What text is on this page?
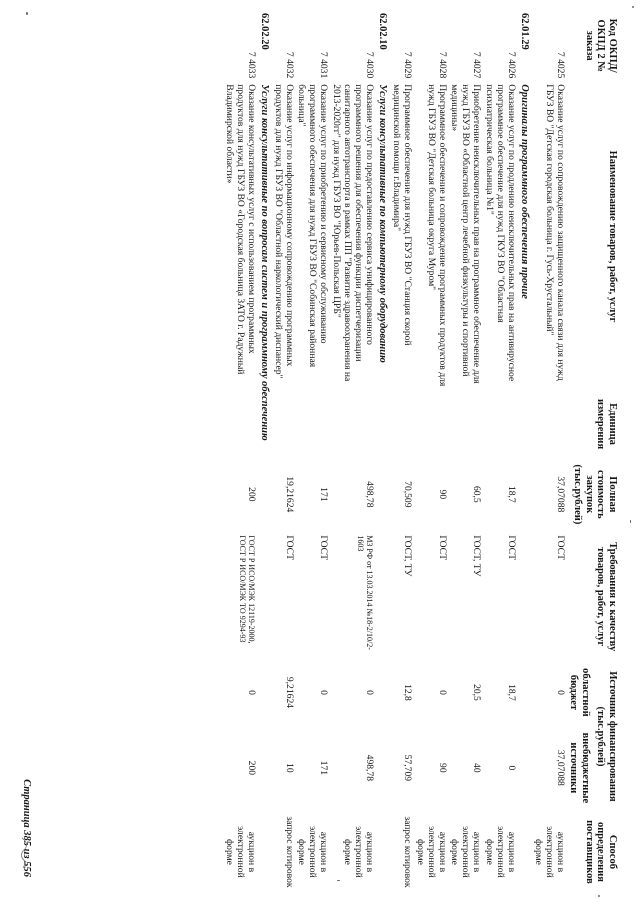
Код ОКПД/ ОКПД 2 № заказа	Наименование товаров, работ, услуг	Единица измерения	Полная стоимость закупок (тыс.рублей)	Требования к качеству товаров, работ, услуг	Источник финансирования (тыс.рублей)		Способ определения поставщиков
					областной бюджет	внебюджетные источники	
7 4025	Оказание услуг по сопровождению защищенного канала связи для нужд ГБУЗ ВО "Детская городская больница г. Гусь-Хрустальный"		37,07088	ГОСТ	0	37,07088	аукцион в электронной форме
62.01.29	Оригиналы программного обеспечения прочие						
7 4026	Оказание услуг по продлению неисключительных прав на антивирусное программное обеспечение для нужд ГКУЗ ВО "Областная психиатрическая больница №1"		18,7	ГОСТ	18,7	0	аукцион в электронной форме
7 4027	Приобретение неисключительных прав на программное обеспечение для нужд ГБУЗ ВО «Областной центр лечебной физкультуры и спортивной медицины»		60,5	ГОСТ, ТУ	20,5	40	аукцион в электронной форме
7 4028	Программное обеспечение и сопровождение программных продуктов для нужд ГБУЗ ВО "Детская больница округа Муром"		90	ГОСТ	0	90	аукцион в электронной форме
7 4029	Программное обеспечение для нужд ГБУЗ ВО "Станция скорой медицинской помощи г.Владимира"		70,509	ГОСТ, ТУ	12,8	57,709	запрос котировок
62.02.10	Услуги консультативные по компьютерному оборудованию						
7 4030	Оказание услуг по предоставлению сервиса унифицированного программного решения для обеспечения функции диспетчеризации санитарного автотранспорта в рамках ПП "Развитие здравоохранения на 2013-2020гг" для нужд ГБУЗ ВО "Юрьев-Польская ЦРБ"		498,78	МЗ РФ от 13.03.2014 №18-2/10/2-1603	0	498,78	аукцион в электронной форме
7 4031	Оказание услуг по приобретению и сервисному обслуживанию программного обеспечения для нужд ГБУЗ ВО "Собинская районная больница"		171	ГОСТ	0	171	аукцион в электронной форме
7 4032	Оказание услуг по информационному сопровождению программных продуктов для нужд ГБУЗ ВО "Областной наркологический диспансер"		19,21624	ГОСТ	9,21624	10	запрос котировок
62.02.20	Услуги консультативные по вопросам систем и программному обеспечению						
7 4033	Оказание консультативных услуг с использованием программных продуктов для нужд ГБУЗ ВО «Городская больница ЗАТО г. Радужный Владимирской области»		200	ГОСТ Р ИСО/МЭК 12119-2000, ГОСТ Р ИСО/МЭК ТО 9294-93	0	200	аукцион в электронной форме
Страница 385 из 556
